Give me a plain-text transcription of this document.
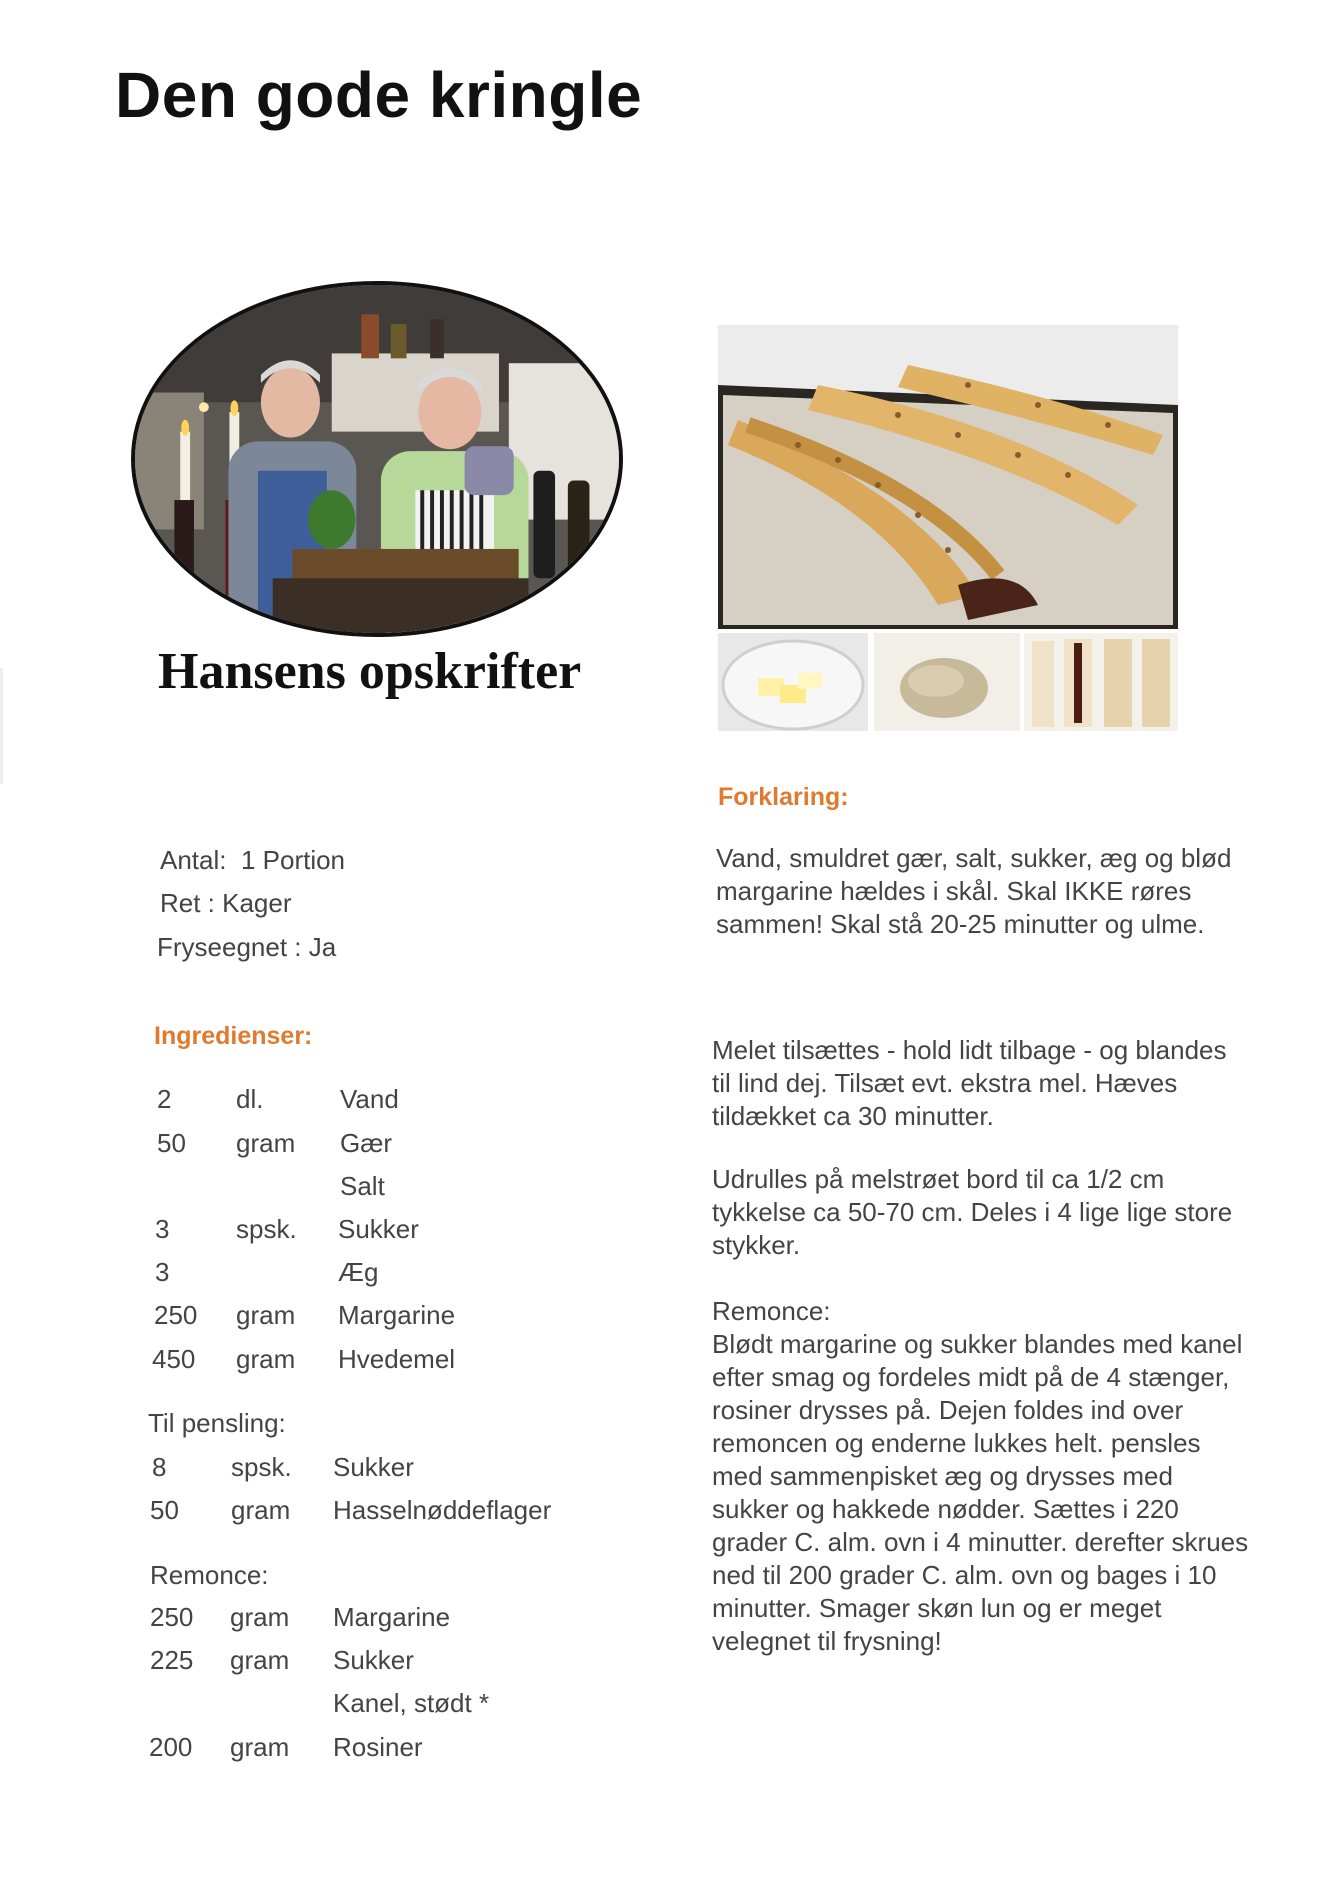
Den gode kringle
Hansens opskrifter
Antal: 1 Portion
Ret : Kager
Fryseegnet : Ja
Ingredienser:
2 dl.	Vand
50 gram Gær
Salt
3	spsk. Sukker
3	Æg
250 gram Margarine
450 gram Hvedemel
Til pensling:
8 spsk. Sukker
50 gram Hasselnøddeflager
Remonce:
250 gram Margarine
225 gram Sukker
Kanel, stødt *
200 gram Rosiner
Forklaring:

Vand, smuldret gær, salt, sukker, æg og blød margarine hældes i skål. Skal IKKE røres sammen! Skal stå 20-25 minutter og ulme.

Melet tilsættes - hold lidt tilbage - og blandes til lind dej. Tilsæt evt. ekstra mel. Hæves tildækket ca 30 minutter.

Udrulles på melstrøet bord til ca 1/2 cm tykkelse ca 50-70 cm. Deles i 4 lige lige store stykker.

Remonce:

Blødt margarine og sukker blandes med kanel efter smag og fordeles midt på de 4 stænger, rosiner drysses på. Dejen foldes ind over remoncen og enderne lukkes helt. pensles med sammenpisket æg og drysses med sukker og hakkede nødder. Sættes i 220 grader C. alm. ovn i 4 minutter. derefter skrues ned til 200 grader C. alm. ovn og bages i 10 minutter. Smager skøn lun og er meget velegnet til frysning!
